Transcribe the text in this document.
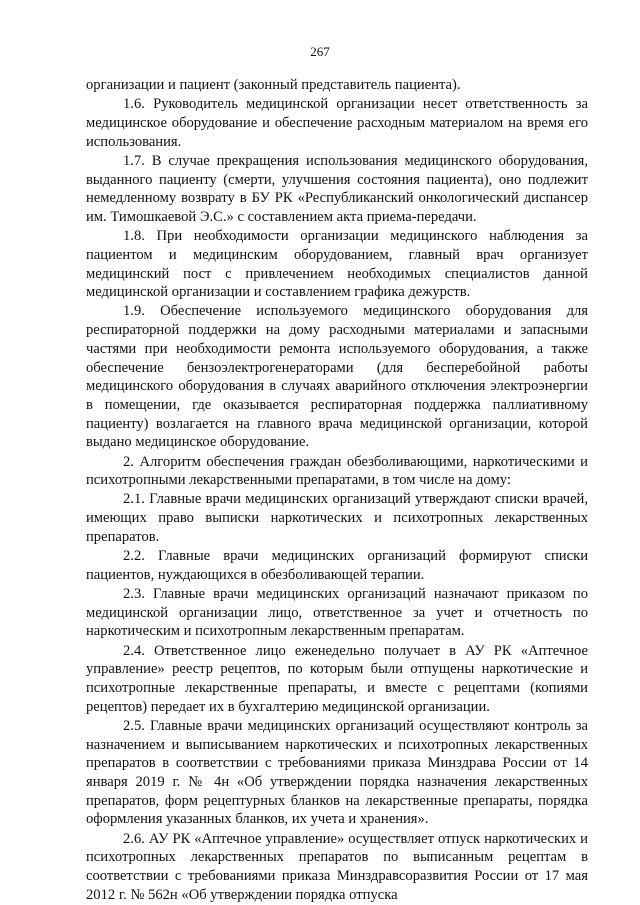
267

организации и пациент (законный представитель пациента).

1.6. Руководитель медицинской организации несет ответственность за медицинское оборудование и обеспечение расходным материалом на время его использования.

1.7. В случае прекращения использования медицинского оборудования, выданного пациенту (смерти, улучшения состояния пациента), оно подлежит немедленному возврату в БУ РК «Республиканский онкологический диспансер им. Тимошкаевой Э.С.» с составлением акта приема-передачи.

1.8. При необходимости организации медицинского наблюдения за пациентом и медицинским оборудованием, главный врач организует медицинский пост с привлечением необходимых специалистов данной медицинской организации и составлением графика дежурств.

1.9. Обеспечение используемого медицинского оборудования для респираторной поддержки на дому расходными материалами и запасными частями при необходимости ремонта используемого оборудования, а также обеспечение бензоэлектрогенераторами (для бесперебойной работы медицинского оборудования в случаях аварийного отключения электроэнергии в помещении, где оказывается респираторная поддержка паллиативному пациенту) возлагается на главного врача медицинской организации, которой выдано медицинское оборудование.

2. Алгоритм обеспечения граждан обезболивающими, наркотическими и психотропными лекарственными препаратами, в том числе на дому:

2.1. Главные врачи медицинских организаций утверждают списки врачей, имеющих право выписки наркотических и психотропных лекарственных препаратов.

2.2. Главные врачи медицинских организаций формируют списки пациентов, нуждающихся в обезболивающей терапии.

2.3. Главные врачи медицинских организаций назначают приказом по медицинской организации лицо, ответственное за учет и отчетность по наркотическим и психотропным лекарственным препаратам.

2.4. Ответственное лицо еженедельно получает в АУ РК «Аптечное управление» реестр рецептов, по которым были отпущены наркотические и психотропные лекарственные препараты, и вместе с рецептами (копиями рецептов) передает их в бухгалтерию медицинской организации.

2.5. Главные врачи медицинских организаций осуществляют контроль за назначением и выписыванием наркотических и психотропных лекарственных препаратов в соответствии с требованиями приказа Минздрава России от 14 января 2019 г. № 4н «Об утверждении порядка назначения лекарственных препаратов, форм рецептурных бланков на лекарственные препараты, порядка оформления указанных бланков, их учета и хранения».

2.6. АУ РК «Аптечное управление» осуществляет отпуск наркотических и психотропных лекарственных препаратов по выписанным рецептам в соответствии с требованиями приказа Минздравсоразвития России от 17 мая 2012 г. № 562н «Об утверждении порядка отпуска
